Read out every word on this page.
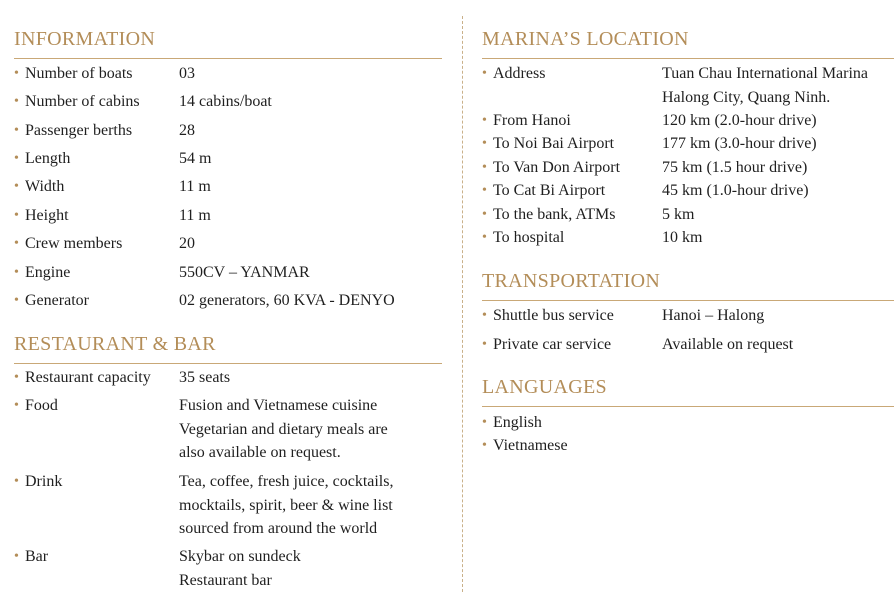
INFORMATION
• Number of boats	03
• Number of cabins 14 cabins/boat
• Passenger berths	28
• Length	54 m
• Width	11 m
• Height	11 m
• Crew members	20
• Engine	550CV – YANMAR
• Generator	02 generators, 60 KVA - DENYO
RESTAURANT & BAR
• Restaurant capacity 35 seats
• Food	Fusion and Vietnamese cuisine
Vegetarian and dietary meals are
also available on request.
• Drink	Tea, coffee, fresh juice, cocktails,
mocktails, spirit, beer & wine list
sourced from around the world
• Bar	Skybar on sundeck
Restaurant bar
MARINA’S LOCATION
• Address	Tuan Chau International Marina
Halong City, Quang Ninh.
• From Hanoi	120 km (2.0-hour drive)
• To Noi Bai Airport	177 km (3.0-hour drive)
• To Van Don Airport	75 km (1.5 hour drive)
• To Cat Bi Airport	45 km (1.0-hour drive)
• To the bank, ATMs	5 km
• To hospital	10 km
TRANSPORTATION
• Shuttle bus service	Hanoi – Halong
• Private car service	Available on request
LANGUAGES
• English
• Vietnamese
